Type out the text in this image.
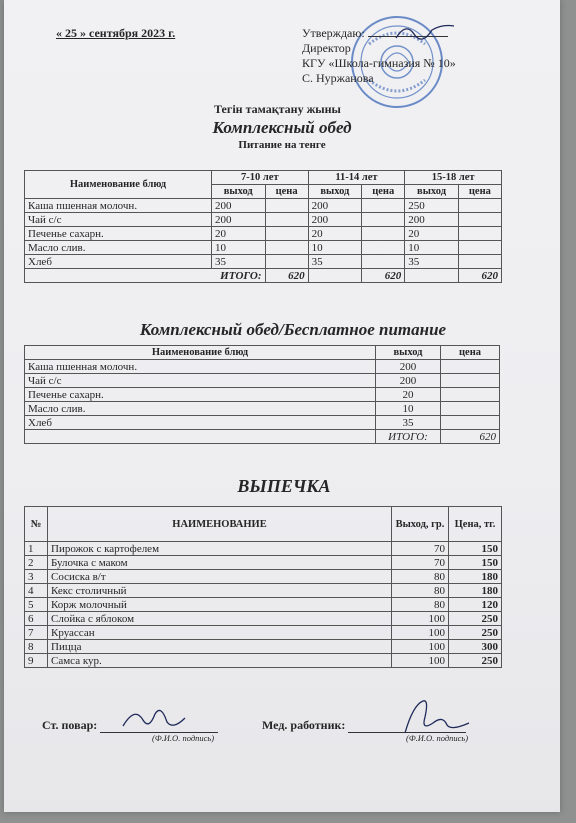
« 25 » сентября 2023 г.	Утверждаю:
Директор
КГУ «Школа-гимназия № 10»
С. Нуржанова
Тегін тамақтану жыны
Комплексный обед
Питание на тенге
Наименование блюд	7-10 лет		11-14 лет		15-18 лет	
	выход	цена	выход	цена	выход	цена
Каша пшенная молочн.	200		200		250	
Чай с/с	200		200		200	
Печенье сахарн.	20		20		20	
Масло слив.	10		10		10	
Хлеб	35		35		35	
ИТОГО:		620		620		620
Комплексный обед/Бесплатное питание
Наименование блюд	выход	цена
Каша пшенная молочн.	200	
Чай с/с	200	
Печенье сахарн.	20	
Масло слив.	10	
Хлеб	35	
	ИТОГО:	620
ВЫПЕЧКА
№	НАИМЕНОВАНИЕ	Выход, гр.	Цена, тг.
1	Пирожок с картофелем	70	150
2	Булочка с маком	70	150
3	Сосиска в/т	80	180
4	Кекс столичный	80	180
5	Корж молочный	80	120
6	Слойка с яблоком	100	250
7	Круассан	100	250
8	Пицца	100	300
9	Самса кур.	100	250
Ст. повар:
(Ф.И.О. подпись)
Мед. работник:
(Ф.И.О. подпись)
